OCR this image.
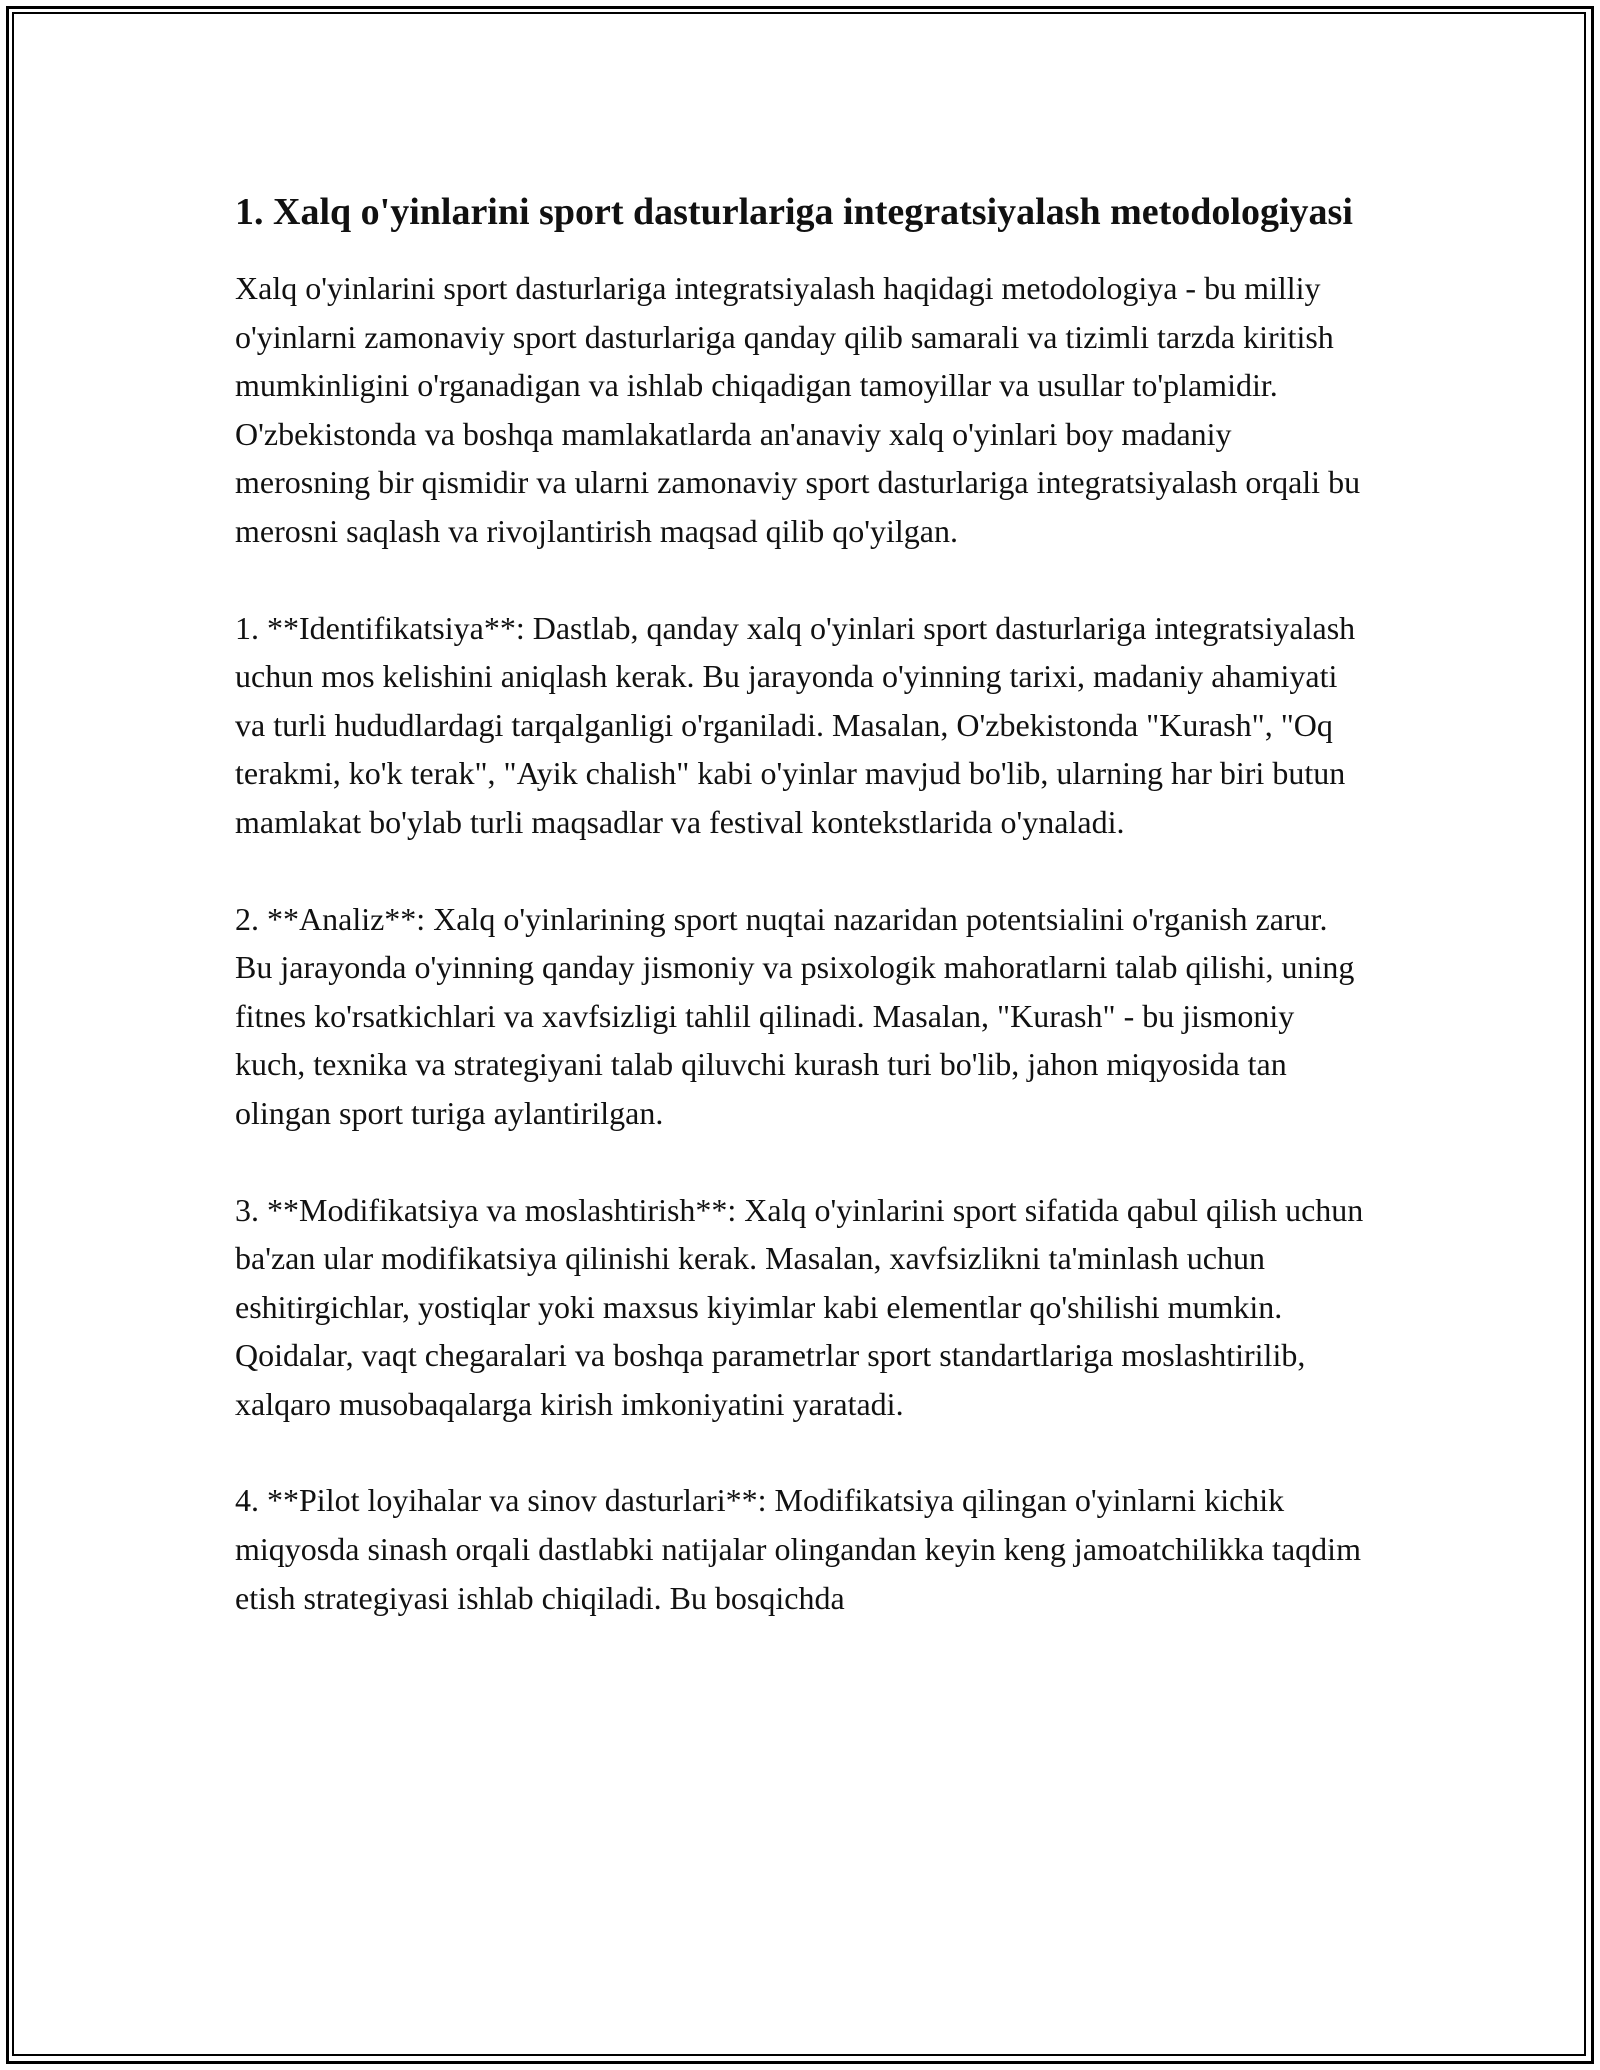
1. Xalq o'yinlarini sport dasturlariga integratsiyalash metodologiyasi

Xalq o'yinlarini sport dasturlariga integratsiyalash haqidagi metodologiya - bu milliy o'yinlarni zamonaviy sport dasturlariga qanday qilib samarali va tizimli tarzda kiritish mumkinligini o'rganadigan va ishlab chiqadigan tamoyillar va usullar to'plamidir. O'zbekistonda va boshqa mamlakatlarda an'anaviy xalq o'yinlari boy madaniy merosning bir qismidir va ularni zamonaviy sport dasturlariga integratsiyalash orqali bu merosni saqlash va rivojlantirish maqsad qilib qo'yilgan.

1. **Identifikatsiya**: Dastlab, qanday xalq o'yinlari sport dasturlariga integratsiyalash uchun mos kelishini aniqlash kerak. Bu jarayonda o'yinning tarixi, madaniy ahamiyati va turli hududlardagi tarqalganligi o'rganiladi. Masalan, O'zbekistonda "Kurash", "Oq terakmi, ko'k terak", "Ayik chalish" kabi o'yinlar mavjud bo'lib, ularning har biri butun mamlakat bo'ylab turli maqsadlar va festival kontekstlarida o'ynaladi.

2. **Analiz**: Xalq o'yinlarining sport nuqtai nazaridan potentsialini o'rganish zarur. Bu jarayonda o'yinning qanday jismoniy va psixologik mahoratlarni talab qilishi, uning fitnes ko'rsatkichlari va xavfsizligi tahlil qilinadi. Masalan, "Kurash" - bu jismoniy kuch, texnika va strategiyani talab qiluvchi kurash turi bo'lib, jahon miqyosida tan olingan sport turiga aylantirilgan.

3. **Modifikatsiya va moslashtirish**: Xalq o'yinlarini sport sifatida qabul qilish uchun ba'zan ular modifikatsiya qilinishi kerak. Masalan, xavfsizlikni ta'minlash uchun eshitirgichlar, yostiqlar yoki maxsus kiyimlar kabi elementlar qo'shilishi mumkin. Qoidalar, vaqt chegaralari va boshqa parametrlar sport standartlariga moslashtirilib, xalqaro musobaqalarga kirish imkoniyatini yaratadi.

4. **Pilot loyihalar va sinov dasturlari**: Modifikatsiya qilingan o'yinlarni kichik miqyosda sinash orqali dastlabki natijalar olingandan keyin keng jamoatchilikka taqdim etish strategiyasi ishlab chiqiladi. Bu bosqichda
